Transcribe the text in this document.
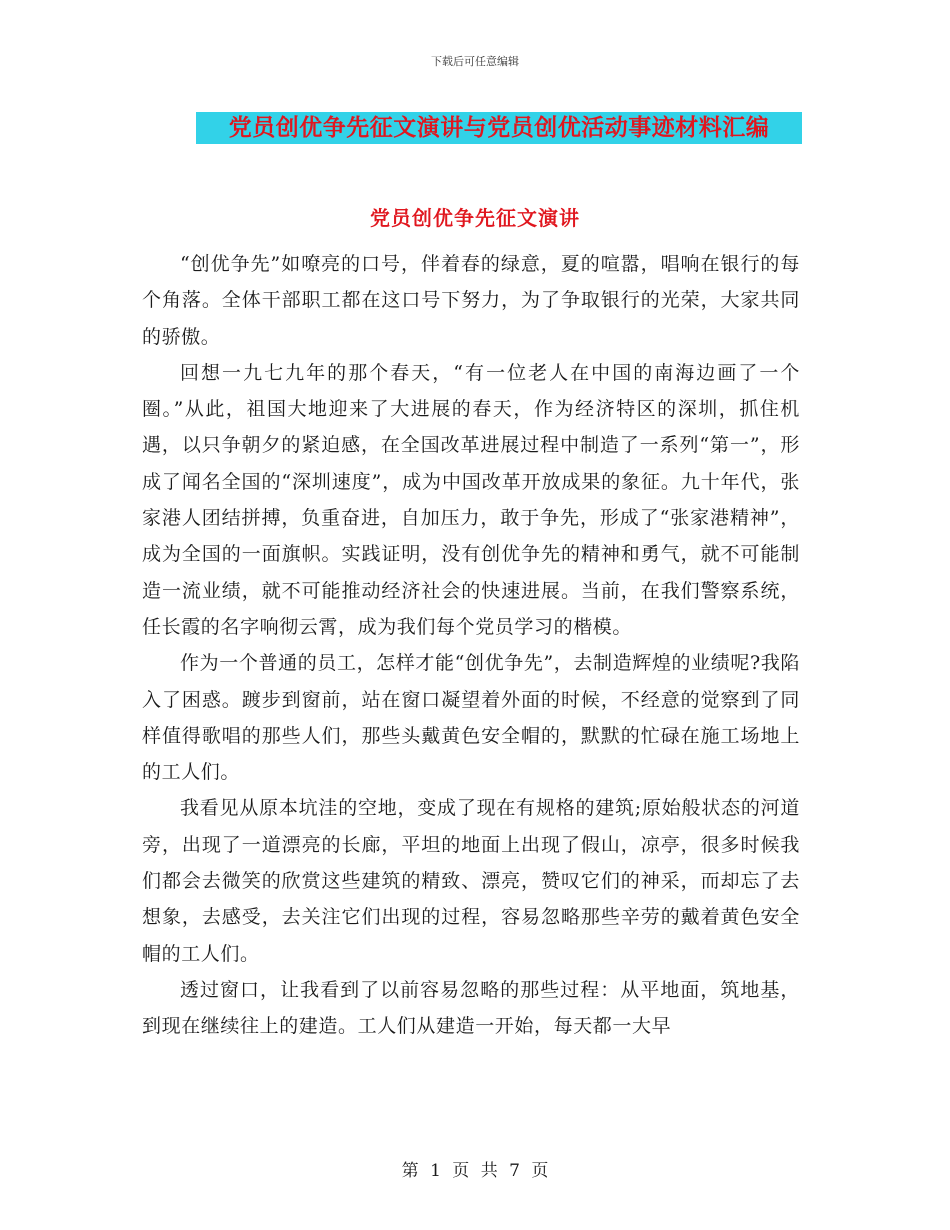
下载后可任意编辑
党员创优争先征文演讲与党员创优活动事迹材料汇编
党员创优争先征文演讲

“创优争先”如嘹亮的口号，伴着春的绿意，夏的喧嚣，唱响在银行的每个角落。全体干部职工都在这口号下努力，为了争取银行的光荣，大家共同的骄傲。

回想一九七九年的那个春天，“有一位老人在中国的南海边画了一个圈。”从此，祖国大地迎来了大进展的春天，作为经济特区的深圳，抓住机遇，以只争朝夕的紧迫感，在全国改革进展过程中制造了一系列“第一”，形成了闻名全国的“深圳速度”，成为中国改革开放成果的象征。九十年代，张家港人团结拼搏，负重奋进，自加压力，敢于争先，形成了“张家港精神”，成为全国的一面旗帜。实践证明，没有创优争先的精神和勇气，就不可能制造一流业绩，就不可能推动经济社会的快速进展。当前，在我们警察系统，任长霞的名字响彻云霄，成为我们每个党员学习的楷模。

作为一个普通的员工，怎样才能“创优争先”，去制造辉煌的业绩呢?我陷入了困惑。踱步到窗前，站在窗口凝望着外面的时候，不经意的觉察到了同样值得歌唱的那些人们，那些头戴黄色安全帽的，默默的忙碌在施工场地上的工人们。

我看见从原本坑洼的空地，变成了现在有规格的建筑;原始般状态的河道旁，出现了一道漂亮的长廊，平坦的地面上出现了假山，凉亭，很多时候我们都会去微笑的欣赏这些建筑的精致、漂亮，赞叹它们的神采，而却忘了去想象，去感受，去关注它们出现的过程，容易忽略那些辛劳的戴着黄色安全帽的工人们。

透过窗口，让我看到了以前容易忽略的那些过程：从平地面，筑地基，到现在继续往上的建造。工人们从建造一开始，每天都一大早

第 1 页 共 7 页
